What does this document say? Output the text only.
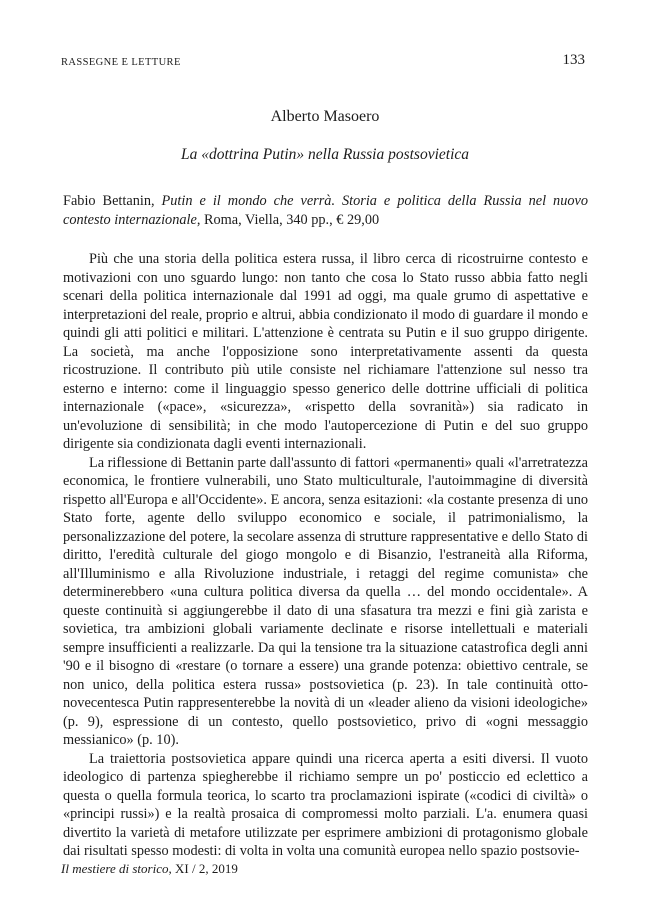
RASSEGNE E LETTURE	133
Alberto Masoero
La «dottrina Putin» nella Russia postsovietica
Fabio Bettanin, Putin e il mondo che verrà. Storia e politica della Russia nel nuovo contesto internazionale, Roma, Viella, 340 pp., € 29,00

Più che una storia della politica estera russa, il libro cerca di ricostruirne contesto e motivazioni con uno sguardo lungo: non tanto che cosa lo Stato russo abbia fatto negli scenari della politica internazionale dal 1991 ad oggi, ma quale grumo di aspettative e interpretazioni del reale, proprio e altrui, abbia condizionato il modo di guardare il mondo e quindi gli atti politici e militari. L'attenzione è centrata su Putin e il suo gruppo dirigente. La società, ma anche l'opposizione sono interpretativamente assenti da questa ricostruzione. Il contributo più utile consiste nel richiamare l'attenzione sul nesso tra esterno e interno: come il linguaggio spesso generico delle dottrine ufficiali di politica internazionale («pace», «sicurezza», «rispetto della sovranità») sia radicato in un'evoluzione di sensibilità; in che modo l'autopercezione di Putin e del suo gruppo dirigente sia condizionata dagli eventi internazionali.

La riflessione di Bettanin parte dall'assunto di fattori «permanenti» quali «l'arretratezza economica, le frontiere vulnerabili, uno Stato multiculturale, l'autoimmagine di diversità rispetto all'Europa e all'Occidente». E ancora, senza esitazioni: «la costante presenza di uno Stato forte, agente dello sviluppo economico e sociale, il patrimonialismo, la personalizzazione del potere, la secolare assenza di strutture rappresentative e dello Stato di diritto, l'eredità culturale del giogo mongolo e di Bisanzio, l'estraneità alla Riforma, all'Illuminismo e alla Rivoluzione industriale, i retaggi del regime comunista» che determinerebbero «una cultura politica diversa da quella … del mondo occidentale». A queste continuità si aggiungerebbe il dato di una sfasatura tra mezzi e fini già zarista e sovietica, tra ambizioni globali variamente declinate e risorse intellettuali e materiali sempre insufficienti a realizzarle. Da qui la tensione tra la situazione catastrofica degli anni '90 e il bisogno di «restare (o tornare a essere) una grande potenza: obiettivo centrale, se non unico, della politica estera russa» postsovietica (p. 23). In tale continuità otto-novecentesca Putin rappresenterebbe la novità di un «leader alieno da visioni ideologiche» (p. 9), espressione di un contesto, quello postsovietico, privo di «ogni messaggio messianico» (p. 10).

La traiettoria postsovietica appare quindi una ricerca aperta a esiti diversi. Il vuoto ideologico di partenza spiegherebbe il richiamo sempre un po' posticcio ed eclettico a questa o quella formula teorica, lo scarto tra proclamazioni ispirate («codici di civiltà» o «principi russi») e la realtà prosaica di compromessi molto parziali. L'a. enumera quasi divertito la varietà di metafore utilizzate per esprimere ambizioni di protagonismo globale dai risultati spesso modesti: di volta in volta una comunità europea nello spazio postsovie-

Il mestiere di storico, XI / 2, 2019
